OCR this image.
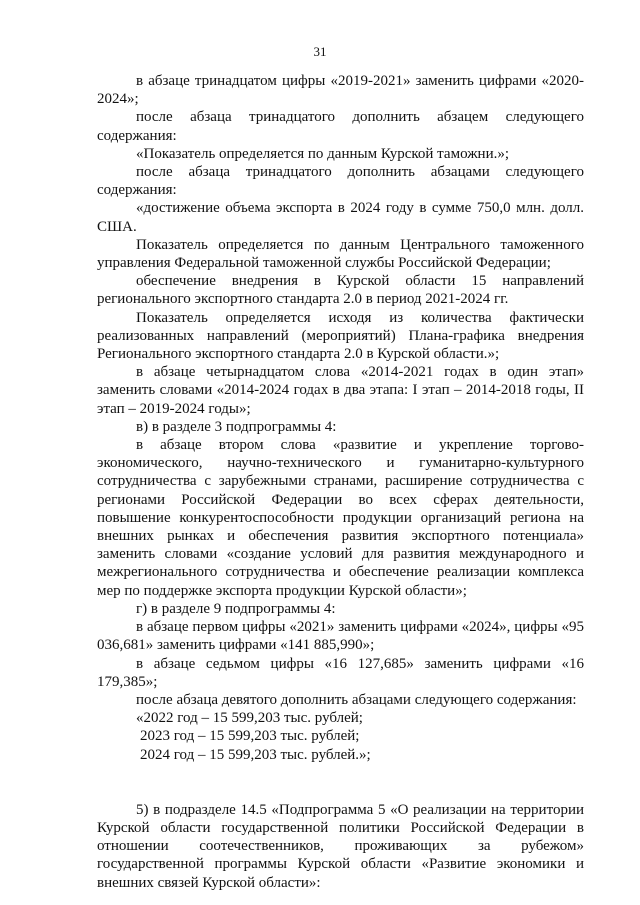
31

в абзаце тринадцатом цифры «2019-2021» заменить цифрами «2020-2024»;

после абзаца тринадцатого дополнить абзацем следующего содержания:

«Показатель определяется по данным Курской таможни.»;

после абзаца тринадцатого дополнить абзацами следующего содержания:

«достижение объема экспорта в 2024 году в сумме 750,0 млн. долл. США.

Показатель определяется по данным Центрального таможенного управления Федеральной таможенной службы Российской Федерации;

обеспечение внедрения в Курской области 15 направлений регионального экспортного стандарта 2.0 в период 2021-2024 гг.

Показатель определяется исходя из количества фактически реализованных направлений (мероприятий) Плана-графика внедрения Регионального экспортного стандарта 2.0 в Курской области.»;

в абзаце четырнадцатом слова «2014-2021 годах в один этап» заменить словами «2014-2024 годах в два этапа: I этап – 2014-2018 годы, II этап – 2019-2024 годы»;

в) в разделе 3 подпрограммы 4:

в абзаце втором слова «развитие и укрепление торгово-экономического, научно-технического и гуманитарно-культурного сотрудничества с зарубежными странами, расширение сотрудничества с регионами Российской Федерации во всех сферах деятельности, повышение конкурентоспособности продукции организаций региона на внешних рынках и обеспечения развития экспортного потенциала» заменить словами «создание условий для развития международного и межрегионального сотрудничества и обеспечение реализации комплекса мер по поддержке экспорта продукции Курской области»;

г) в разделе 9 подпрограммы 4:

в абзаце первом цифры «2021» заменить цифрами «2024», цифры «95 036,681» заменить цифрами «141 885,990»;

в абзаце седьмом цифры «16 127,685» заменить цифрами «16 179,385»;

после абзаца девятого дополнить абзацами следующего содержания:

«2022 год – 15 599,203 тыс. рублей;

2023 год – 15 599,203 тыс. рублей;

2024 год – 15 599,203 тыс. рублей.»;

5) в подразделе 14.5 «Подпрограмма 5 «О реализации на территории Курской области государственной политики Российской Федерации в отношении соотечественников, проживающих за рубежом» государственной программы Курской области «Развитие экономики и внешних связей Курской области»:
